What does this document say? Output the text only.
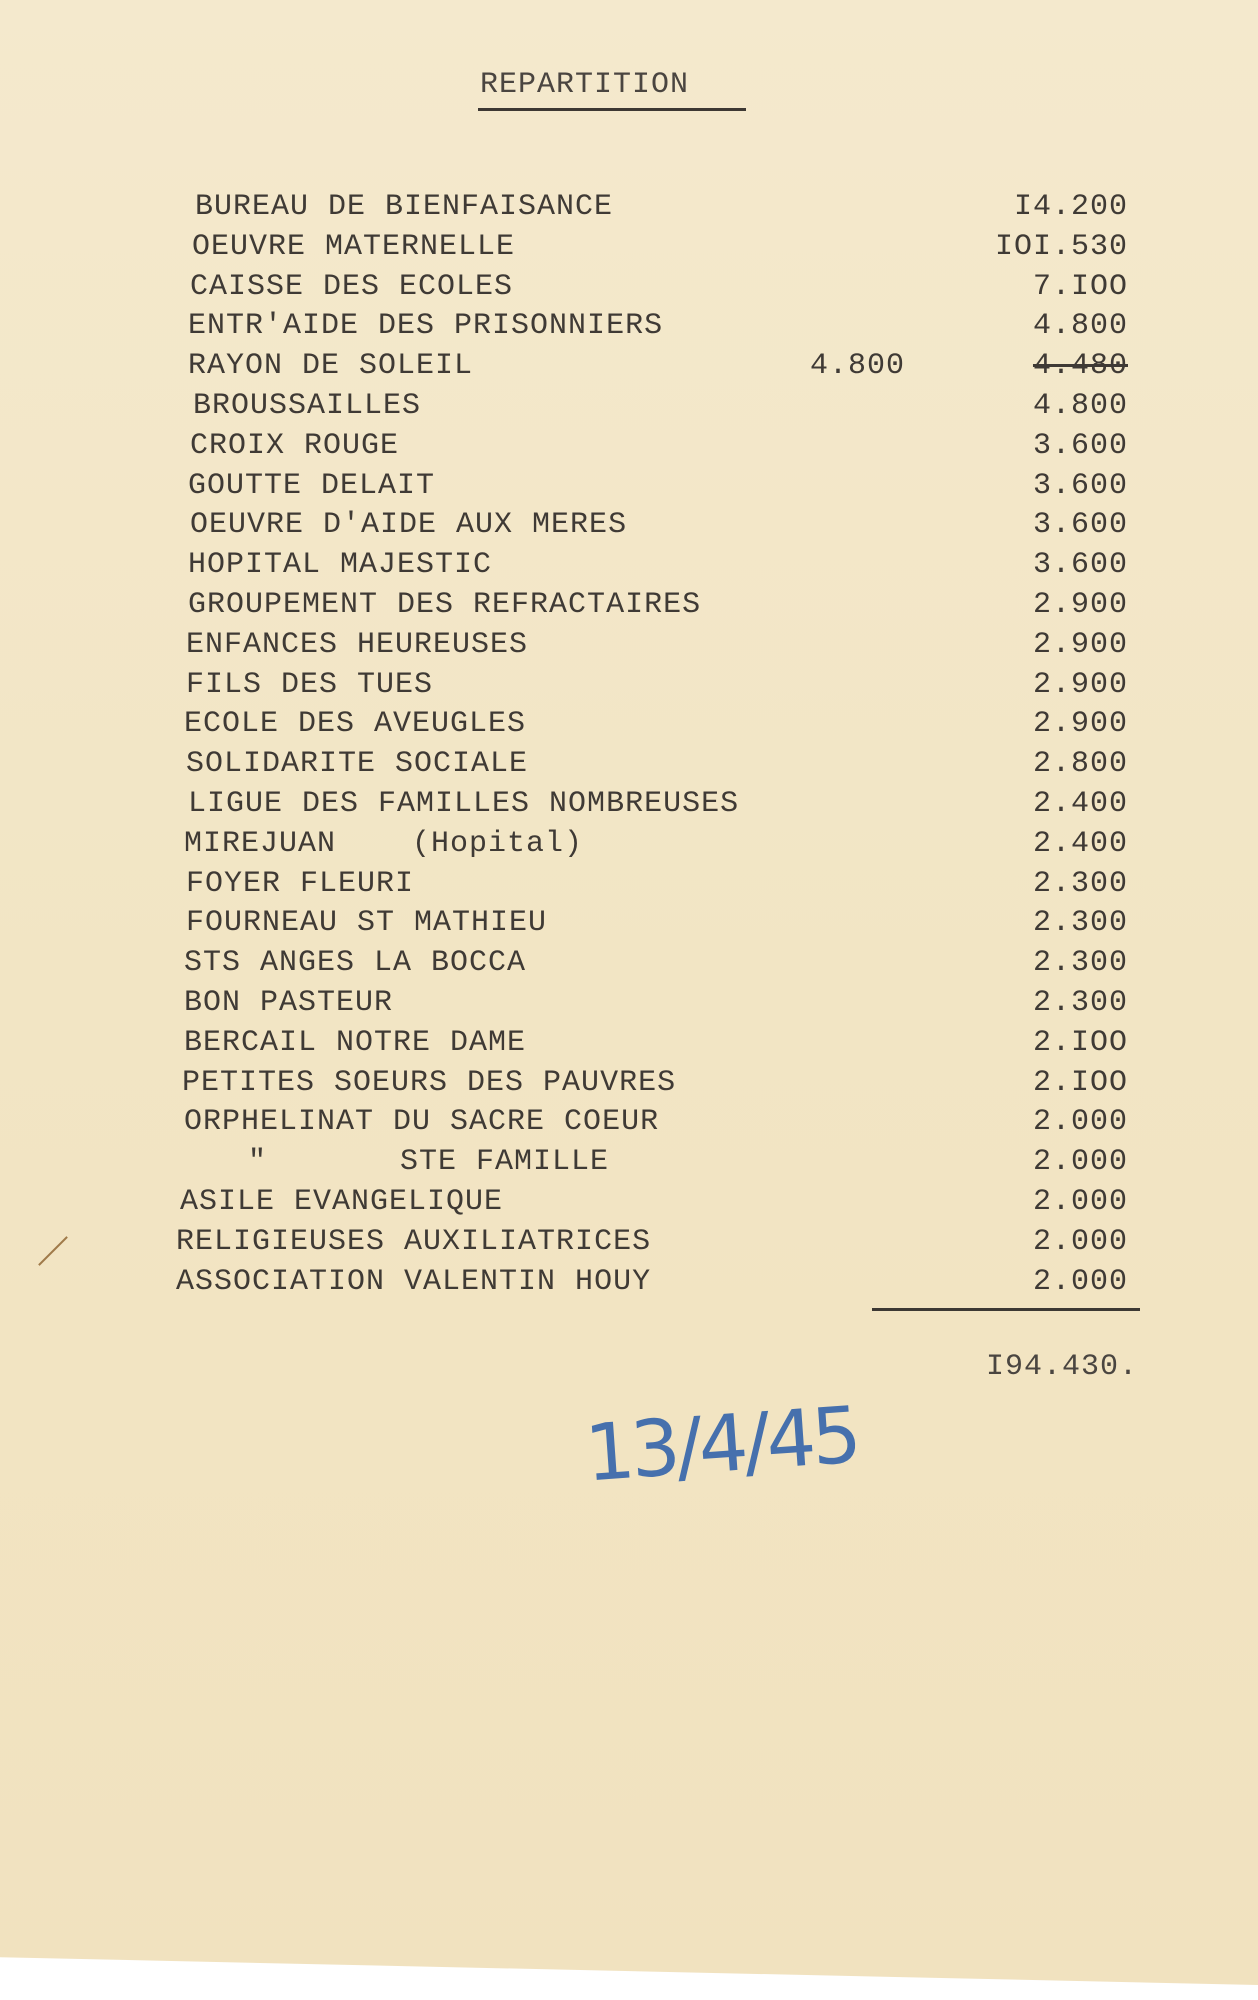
REPARTITION
BUREAU DE BIENFAISANCE	I4.200
OEUVRE MATERNELLE	IOI.530
CAISSE DES ECOLES	7.IOO
ENTR'AIDE DES PRISONNIERS	4.800
RAYON DE SOLEIL	4.800	4.480
BROUSSAILLES	4.800
CROIX ROUGE	3.600
GOUTTE DELAIT	3.600
OEUVRE D'AIDE AUX MERES	3.600
HOPITAL MAJESTIC	3.600
GROUPEMENT DES REFRACTAIRES	2.900
ENFANCES HEUREUSES	2.900
FILS DES TUES	2.900
ECOLE DES AVEUGLES	2.900
SOLIDARITE SOCIALE	2.800
LIGUE DES FAMILLES NOMBREUSES	2.400
MIREJUAN    (Hopital)	2.400
FOYER FLEURI	2.300
FOURNEAU ST MATHIEU	2.300
STS ANGES LA BOCCA	2.300
BON PASTEUR	2.300
BERCAIL NOTRE DAME	2.IOO
PETITES SOEURS DES PAUVRES	2.IOO
ORPHELINAT DU SACRE COEUR	2.000
"       STE FAMILLE	2.000
ASILE EVANGELIQUE	2.000
RELIGIEUSES AUXILIATRICES	2.000
ASSOCIATION VALENTIN HOUY	2.000
I94.430.
13/4/45
